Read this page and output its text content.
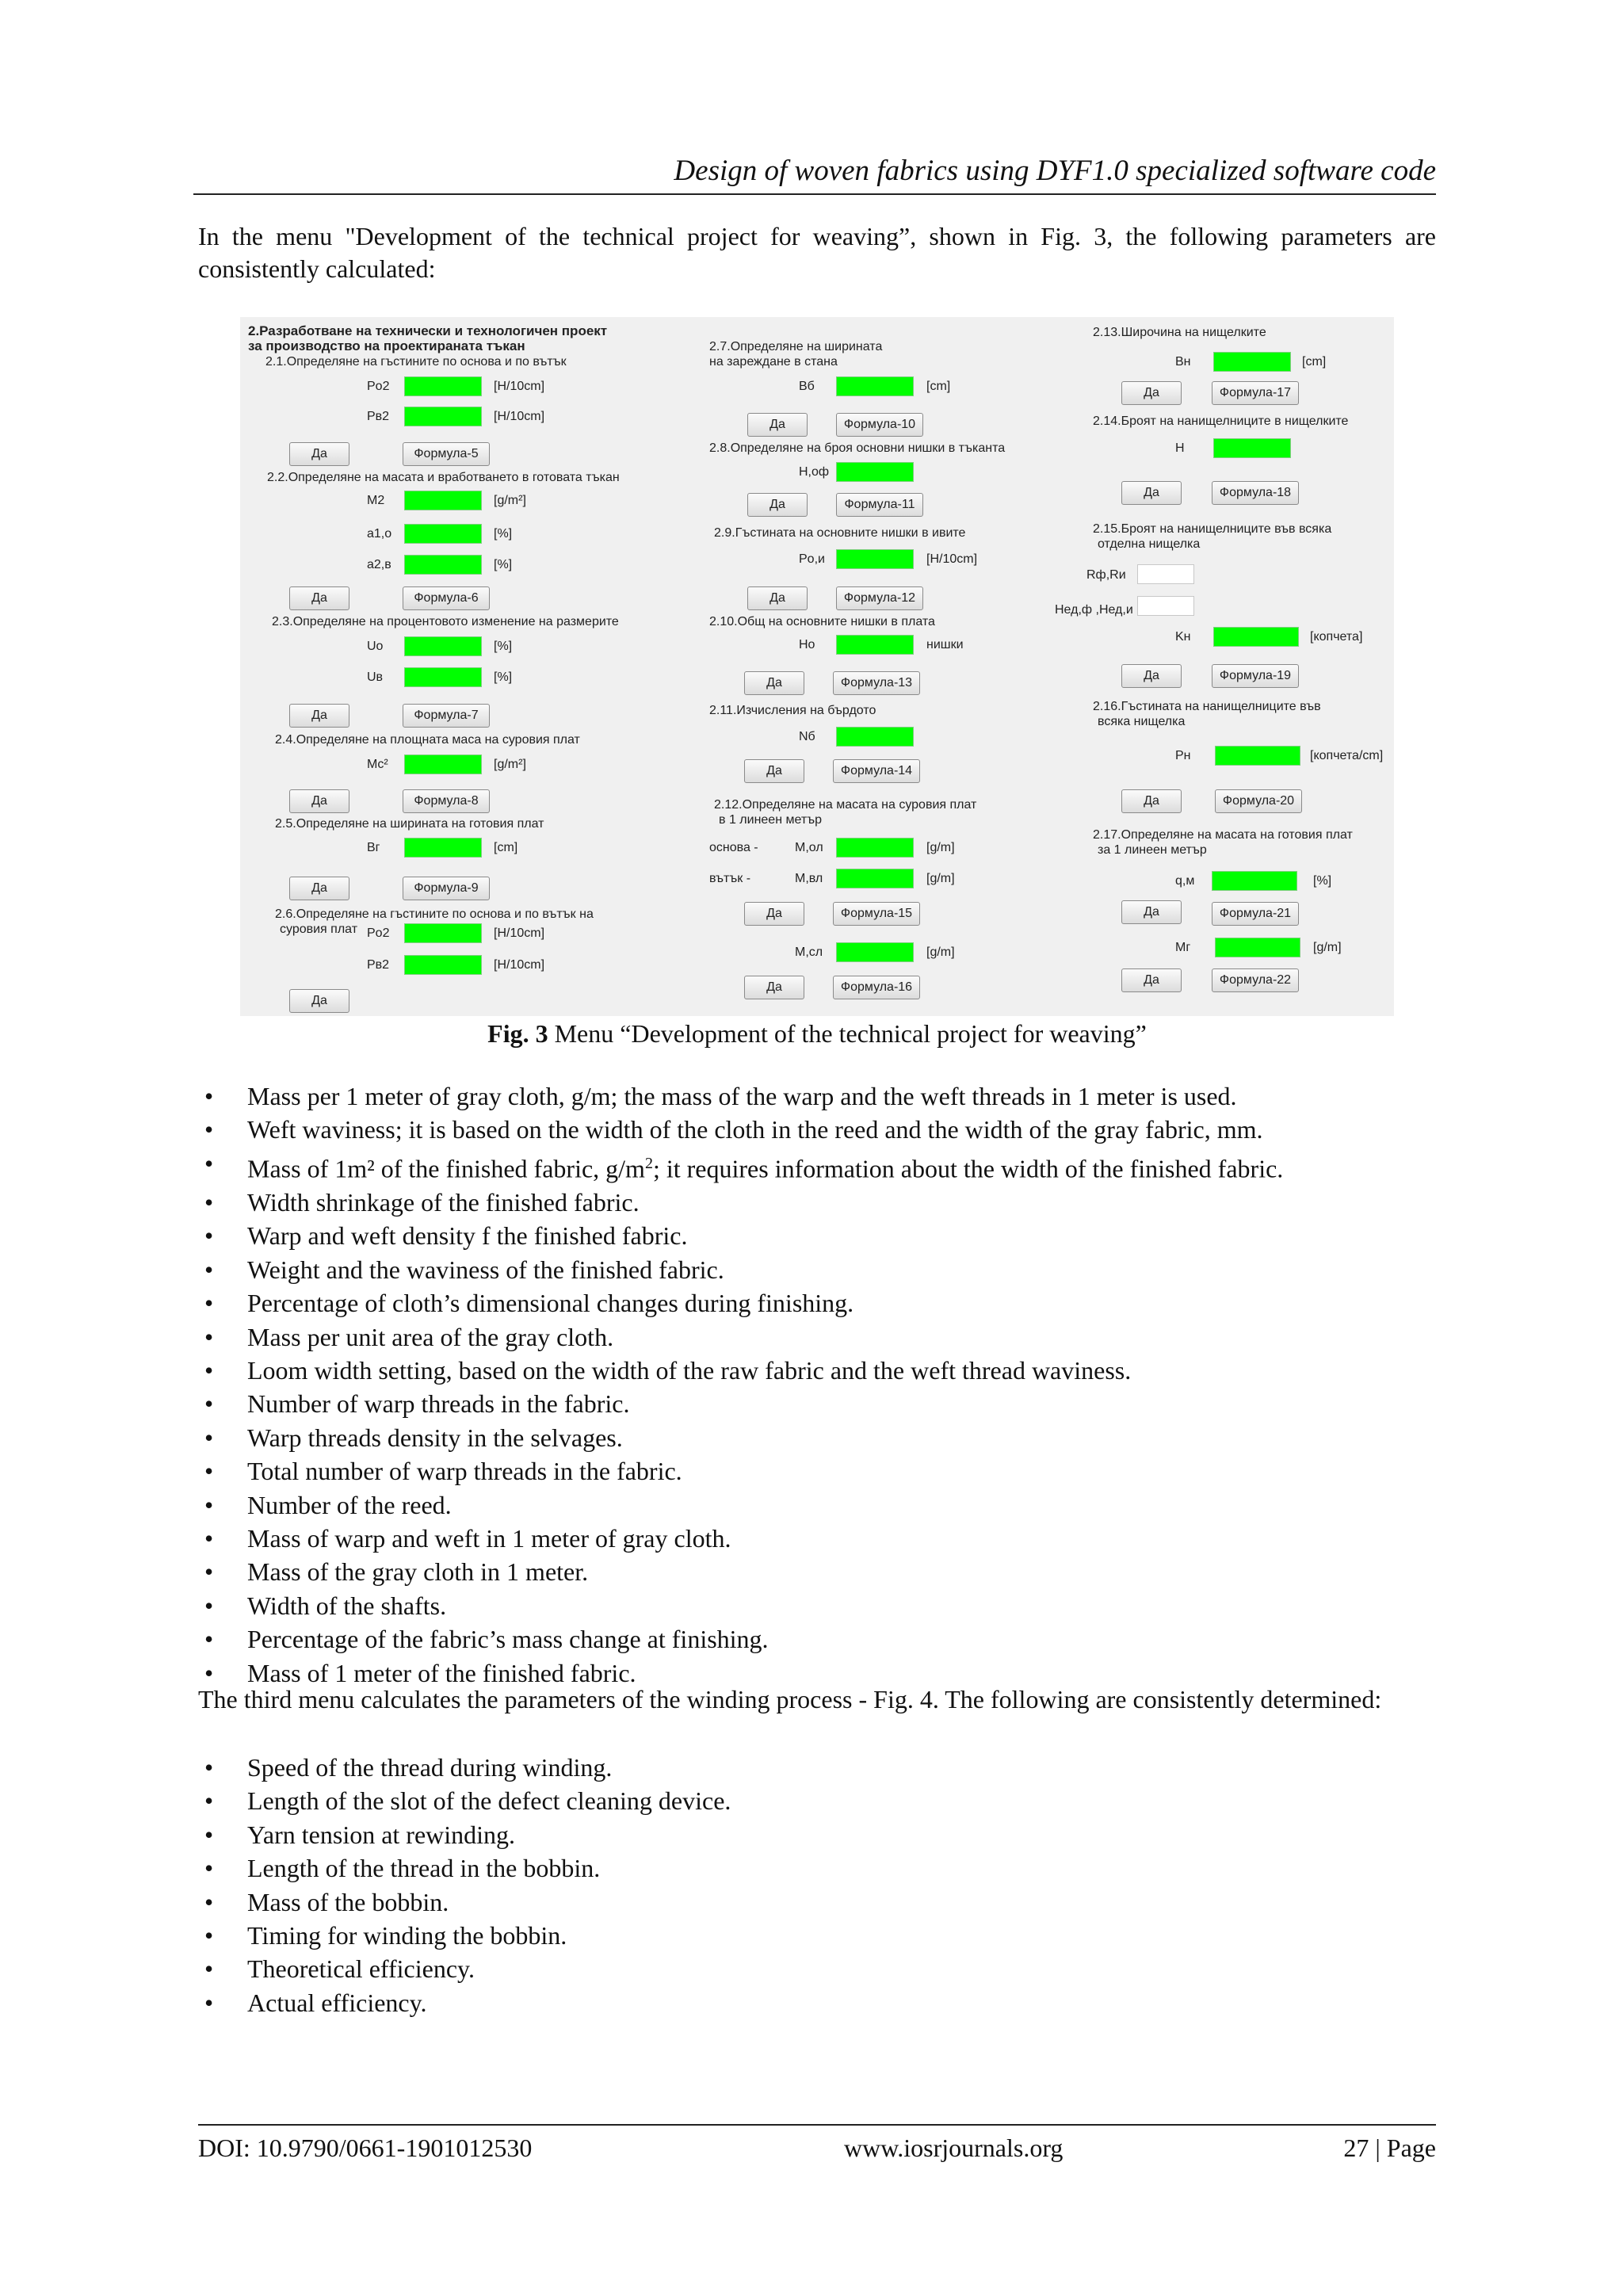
Design of woven fabrics using DYF1.0 specialized software code

In the menu "Development of the technical project for weaving”, shown in Fig. 3, the following parameters are consistently calculated:

2.Разработване на технически и технологичен проект
за производство на проектираната тъкан
2.1.Определяне на гъстините по основа и по вътък
Po2	[H/10cm]
Pв2	[H/10cm]
Да	Формула-5
2.2.Определяне на масата и вработването в готовата тъкан
M2	[g/m²]
a1,o	[%]
a2,в	[%]
Да	Формула-6
2.3.Определяне на процентовото изменение на размерите
Uo	[%]
Uв	[%]
Да	Формула-7
2.4.Определяне на площната маса на суровия плат
Mc²	[g/m²]
Да	Формула-8
2.5.Определяне на ширината на готовия плат
Bг	[cm]
Да	Формула-9
2.6.Определяне на гъстините по основа и по вътък на
суровия плат Po2	[H/10cm]
Pв2	[H/10cm]
Да
2.7.Определяне на ширината
на зареждане в стана
Bб	[cm]
Да	Формула-10
2.8.Определяне на броя основни нишки в тъканта
H,оф
Да	Формула-11
2.9.Гъстината на основните нишки в ивите
Po,и	[H/10cm]
Да	Формула-12
2.10.Общ на основните нишки в плата
Ho	нишки
Да	Формула-13
2.11.Изчислeния на бърдото
Nб
Да	Формула-14
2.12.Определяне на масата на суровия плат
в 1 линеен метър
основа -	M,ол	[g/m]
вътък -	M,вл	[g/m]
Да	Формула-15
M,сл	[g/m]
Да	Формула-16
2.13.Широчина на нищелките
Bн	[cm]
Да	Формула-17
2.14.Броят на нанищелниците в нищелките
H
Да	Формула-18
2.15.Броят на нанищелниците във всяка
отделна нищелка
Rф,Rи
Hед,ф ,Hед,и
Kн	[копчета]
Да	Формула-19
2.16.Гъстината на нанищелниците във
всяка нищелка
Pн	[копчета/cm]
Да	Формула-20
2.17.Определяне на масата на готовия плат
за 1 линеен метър
q,м	[%]
Да	Формула-21
Mг	[g/m]
Да	Формула-22
Fig. 3 Menu “Development of the technical project for weaving”
• Mass per 1 meter of gray cloth, g/m; the mass of the warp and the weft threads in 1 meter is used.
• Weft waviness; it is based on the width of the cloth in the reed and the width of the gray fabric, mm.
• Mass of 1m² of the finished fabric, $g/m^2$; it requires information about the width of the finished fabric.
• Width shrinkage of the finished fabric.
• Warp and weft density f the finished fabric.
• Weight and the waviness of the finished fabric.
• Percentage of cloth’s dimensional changes during finishing.
• Mass per unit area of the gray cloth.
• Loom width setting, based on the width of the raw fabric and the weft thread waviness.
• Number of warp threads in the fabric.
• Warp threads density in the selvages.
• Total number of warp threads in the fabric.
• Number of the reed.
• Mass of warp and weft in 1 meter of gray cloth.
• Mass of the gray cloth in 1 meter.
• Width of the shafts.
• Percentage of the fabric’s mass change at finishing.
• Mass of 1 meter of the finished fabric.

The third menu calculates the parameters of the winding process - Fig. 4. The following are consistently determined:

• Speed of the thread during winding.
• Length of the slot of the defect cleaning device.
• Yarn tension at rewinding.
• Length of the thread in the bobbin.
• Mass of the bobbin.
• Timing for winding the bobbin.
• Theoretical efficiency.
• Actual efficiency.
DOI: 10.9790/0661-1901012530	www.iosrjournals.org	27 | Page
